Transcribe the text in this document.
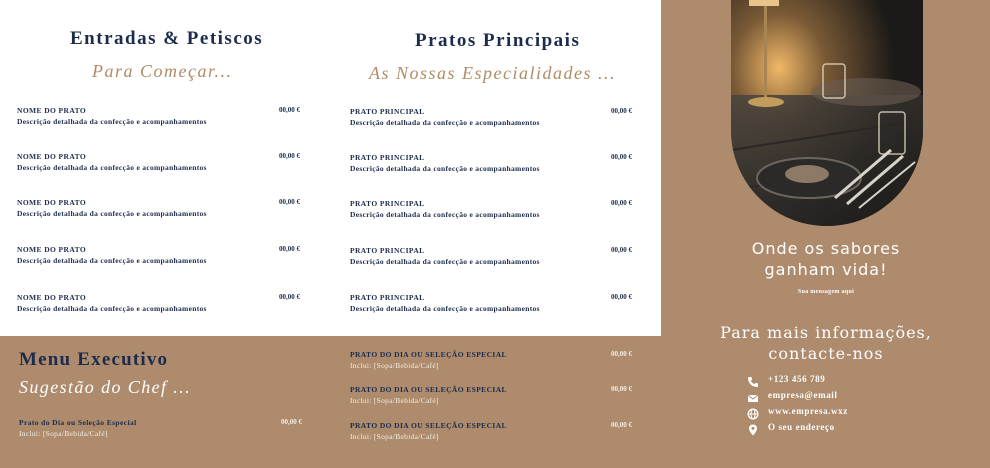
Entradas & Petiscos
Para Começar...
NOME DO PRATO
Descrição detalhada da confecção e acompanhamentos
00,00 €
NOME DO PRATO
Descrição detalhada da confecção e acompanhamentos
00,00 €
NOME DO PRATO
Descrição detalhada da confecção e acompanhamentos
00,00 €
NOME DO PRATO
Descrição detalhada da confecção e acompanhamentos
00,00 €
NOME DO PRATO
Descrição detalhada da confecção e acompanhamentos
00,00 €
Pratos Principais
As Nossas Especialidades ...
PRATO PRINCIPAL
Descrição detalhada da confecção e acompanhamentos
00,00 €
PRATO PRINCIPAL
Descrição detalhada da confecção e acompanhamentos
00,00 €
PRATO PRINCIPAL
Descrição detalhada da confecção e acompanhamentos
00,00 €
PRATO PRINCIPAL
Descrição detalhada da confecção e acompanhamentos
00,00 €
PRATO PRINCIPAL
Descrição detalhada da confecção e acompanhamentos
00,00 €
Menu Executivo
Sugestão do Chef ...
Prato do Dia ou Seleção Especial
Inclui: [Sopa/Bebida/Café]
00,00 €
PRATO DO DIA OU SELEÇÃO ESPECIAL
Inclui: [Sopa/Bebida/Café]
00,00 €
PRATO DO DIA OU SELEÇÃO ESPECIAL
Inclui: [Sopa/Bebida/Café]
00,00 €
PRATO DO DIA OU SELEÇÃO ESPECIAL
Inclui: [Sopa/Bebida/Café]
00,00 €
Onde os sabores
ganham vida!
Sua mensagem aqui
Para mais informações,
contacte-nos
+123 456 789
empresa@email
www.empresa.wxz
O seu endereço
